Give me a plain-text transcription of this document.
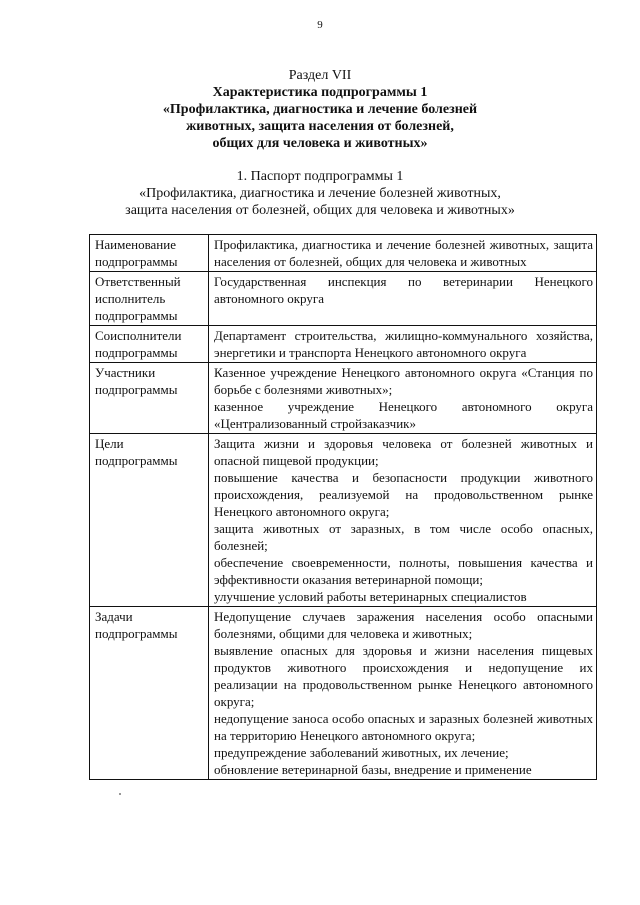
9
Раздел VII
Характеристика подпрограммы 1
«Профилактика, диагностика и лечение болезней
животных, защита населения от болезней,
общих для человека и животных»
1. Паспорт подпрограммы 1
«Профилактика, диагностика и лечение болезней животных,
защита населения от болезней, общих для человека и животных»
Наименование подпрограммы	Профилактика, диагностика и лечение болезней животных, защита населения от болезней, общих для человека и животных

Ответственный исполнитель подпрограммы	Государственная инспекция по ветеринарии Ненецкого автономного округа

Соисполнители подпрограммы	Департамент строительства, жилищно-коммунального хозяйства, энергетики и транспорта Ненецкого автономного округа

Участники подпрограммы	Казенное учреждение Ненецкого автономного округа «Станция по борьбе с болезнями животных»;
казенное учреждение Ненецкого автономного округа «Централизованный стройзаказчик»

Цели подпрограммы	Защита жизни и здоровья человека от болезней животных и опасной пищевой продукции;
повышение качества и безопасности продукции животного происхождения, реализуемой на продовольственном рынке Ненецкого автономного округа;
защита животных от заразных, в том числе особо опасных, болезней;
обеспечение своевременности, полноты, повышения качества и эффективности оказания ветеринарной помощи;
улучшение условий работы ветеринарных специалистов

Задачи подпрограммы	Недопущение случаев заражения населения особо опасными болезнями, общими для человека и животных;
выявление опасных для здоровья и жизни населения пищевых продуктов животного происхождения и недопущение их реализации на продовольственном рынке Ненецкого автономного округа;
недопущение заноса особо опасных и заразных болезней животных на территорию Ненецкого автономного округа;
предупреждение заболеваний животных, их лечение;
обновление ветеринарной базы, внедрение и применение
